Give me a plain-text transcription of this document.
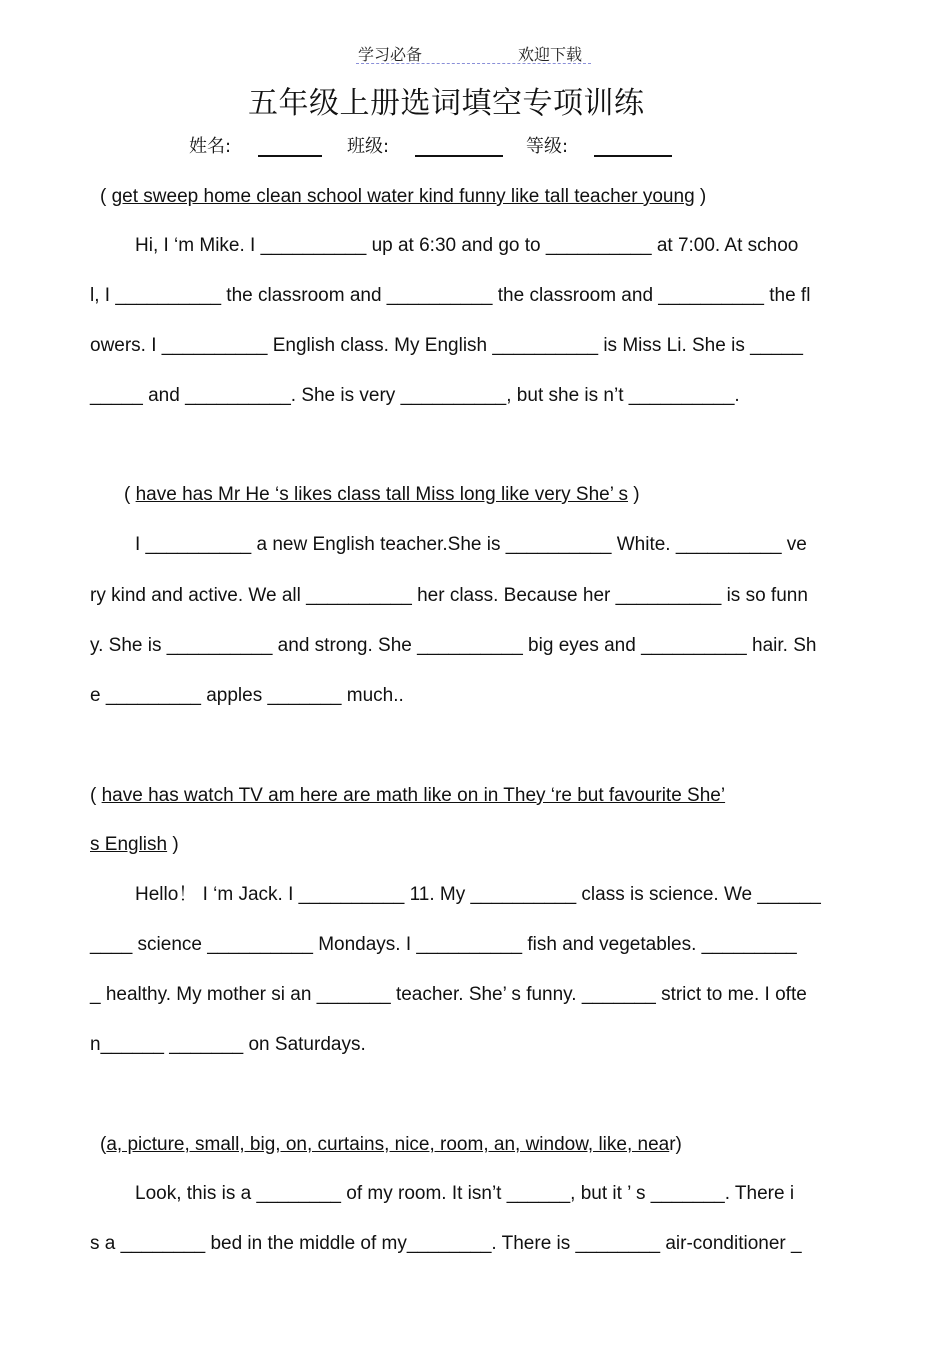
学习必备	欢迎下载
五年级上册选词填空专项训练
姓名:	班级:	等级:
( get sweep home clean school water kind funny like tall teacher young )
Hi, I ‘m Mike. I __________ up at 6:30 and go to __________ at 7:00. At schoo
l, I __________ the classroom and __________ the classroom and __________ the fl
owers. I __________ English class. My English __________ is Miss Li. She is _____
_____ and __________. She is very __________, but she is n’t __________.
( have has Mr He ‘s likes class tall Miss long like very She’ s )
I __________ a new English teacher.She is __________ White. __________ ve
ry kind and active. We all __________ her class. Because her __________ is so funn
y. She is __________ and strong. She __________ big eyes and __________ hair. Sh
e _________ apples _______ much..
( have has watch TV am here are math like on in They ‘re but favourite She’
s English )
Hello！ I ‘m Jack. I __________ 11. My __________ class is science. We ______
____ science __________ Mondays. I __________ fish and vegetables. _________
_ healthy. My mother si an _______ teacher. She’ s funny. _______ strict to me. I ofte
n______ _______ on Saturdays.
(a, picture, small, big, on, curtains, nice, room, an, window, like, near)
Look, this is a ________ of my room. It isn’t ______, but it ’ s _______. There i
s a ________ bed in the middle of my________. There is ________ air-conditioner _
